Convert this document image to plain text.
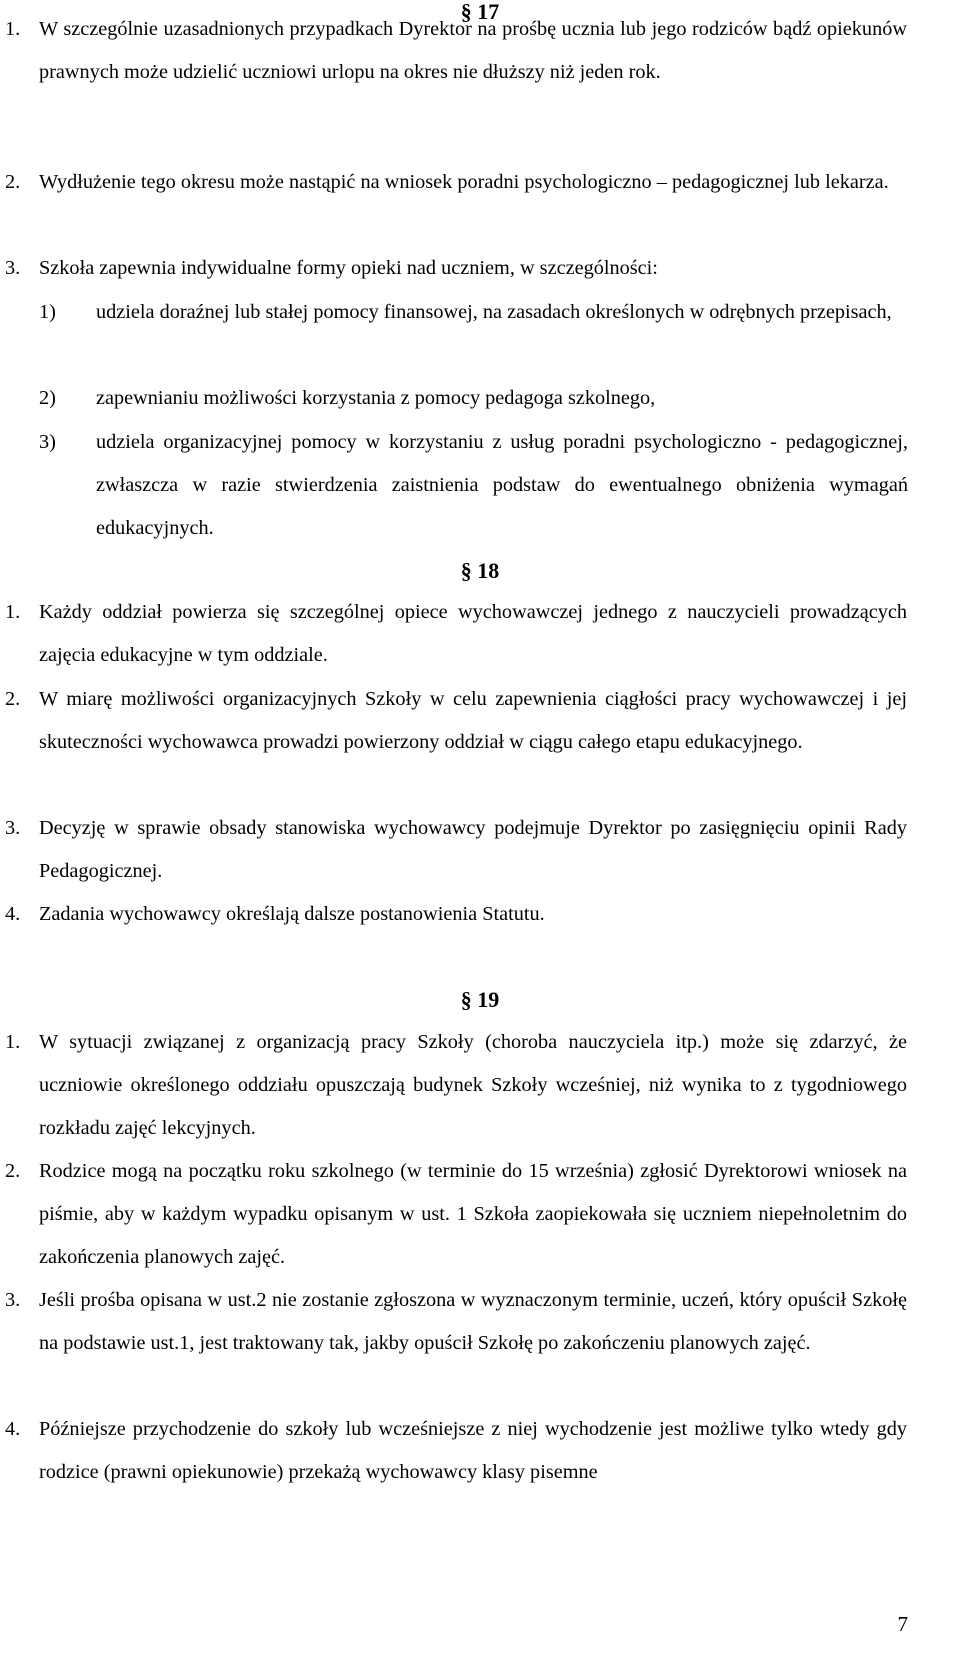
§ 17
1. W szczególnie uzasadnionych przypadkach Dyrektor na prośbę ucznia lub jego rodziców bądź opiekunów prawnych może udzielić uczniowi urlopu na okres nie dłuższy niż jeden rok.
2. Wydłużenie tego okresu może nastąpić na wniosek poradni psychologiczno – pedagogicznej lub lekarza.
3. Szkoła zapewnia indywidualne formy opieki nad uczniem, w szczególności:
1) udziela doraźnej lub stałej pomocy finansowej, na zasadach określonych w odrębnych przepisach,
2) zapewnianiu możliwości korzystania z pomocy pedagoga szkolnego,
3) udziela organizacyjnej pomocy w korzystaniu z usług poradni psychologiczno - pedagogicznej, zwłaszcza w razie stwierdzenia zaistnienia podstaw do ewentualnego obniżenia wymagań edukacyjnych.
§ 18
1. Każdy oddział powierza się szczególnej opiece wychowawczej jednego z nauczycieli prowadzących zajęcia edukacyjne w tym oddziale.
2. W miarę możliwości organizacyjnych Szkoły w celu zapewnienia ciągłości pracy wychowawczej i jej skuteczności wychowawca prowadzi powierzony oddział w ciągu całego etapu edukacyjnego.
3. Decyzję w sprawie obsady stanowiska wychowawcy podejmuje Dyrektor po zasięgnięciu opinii Rady Pedagogicznej.
4. Zadania wychowawcy określają dalsze postanowienia Statutu.
§ 19
1. W sytuacji związanej z organizacją pracy Szkoły (choroba nauczyciela itp.) może się zdarzyć, że uczniowie określonego oddziału opuszczają budynek Szkoły wcześniej, niż wynika to z tygodniowego rozkładu zajęć lekcyjnych.
2. Rodzice mogą na początku roku szkolnego (w terminie do 15 września) zgłosić Dyrektorowi wniosek na piśmie, aby w każdym wypadku opisanym w ust. 1 Szkoła zaopiekowała się uczniem niepełnoletnim do zakończenia planowych zajęć.
3. Jeśli prośba opisana w ust.2 nie zostanie zgłoszona w wyznaczonym terminie, uczeń, który opuścił Szkołę na podstawie ust.1, jest traktowany tak, jakby opuścił Szkołę po zakończeniu planowych zajęć.
4. Późniejsze przychodzenie do szkoły lub wcześniejsze z niej wychodzenie jest możliwe tylko wtedy gdy rodzice (prawni opiekunowie) przekażą wychowawcy klasy pisemne
7
